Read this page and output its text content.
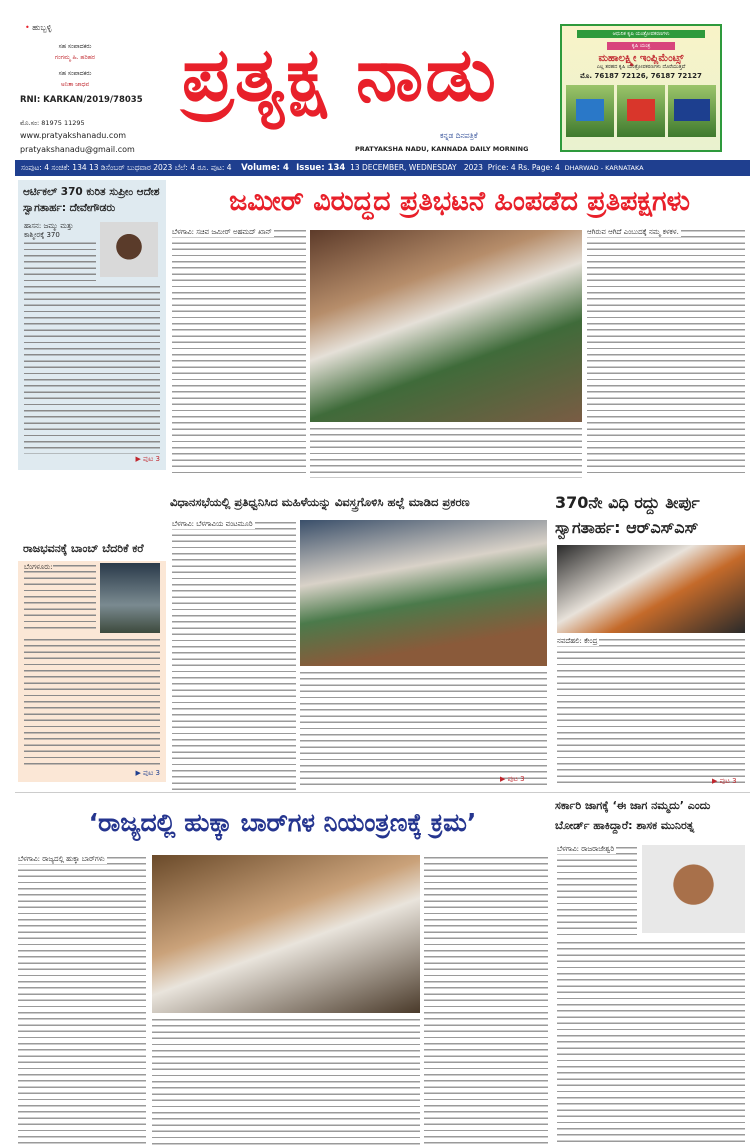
• ಹುಬ್ಬಳ್ಳಿ
ಸಹ ಸಂಪಾದಕರು
ಗಂಗಮ್ಮ ಹಿ. ಹರಿಹರ
ಸಹ ಸಂಪಾದಕರು
ಅನಿತಾ ಜಾಧವ
RNI: KARKAN/2019/78035
ಮೊ.ಸಂ: 81975 11295
www.pratyakshanadu.com
pratyakshanadu@gmail.com
ಪ್ರತ್ಯಕ್ಷ ನಾಡು
ಕನ್ನಡ ದಿನಪತ್ರಿಕೆ
PRATYAKSHA NADU, KANNADA DAILY MORNING
ಆಧುನಿಕ ಕೃಷಿ ಯಂತ್ರೋಪಕರಣಗಳು
ಕೃಷಿ ಯಂತ್ರ
ಮಹಾಲಕ್ಷ್ಮೀ ಇಂಪ್ಲಿಮೆಂಟ್ಸ್
ಎಲ್ಲ ತರಹದ ಕೃಷಿ ಯಂತ್ರೋಪಕರಣಗಳು ದೊರೆಯುತ್ತವೆ
ಮೊ. 76187 72126, 76187 72127
ಸಂಪುಟ: 4 ಸಂಚಿಕೆ: 134 13 ಡಿಸೆಂಬರ್ ಬುಧವಾರ 2023 ಬೆಲೆ: 4 ರೂ. ಪುಟ: 4 Volume: 4 Issue: 134 13 DECEMBER, WEDNESDAY 2023 Price: 4 Rs. Page: 4 DHARWAD - KARNATAKA
ಆರ್ಟಿಕಲ್ 370 ಕುರಿತ ಸುಪ್ರೀಂ ಆದೇಶ ಸ್ವಾಗತಾರ್ಹ: ದೇವೇಗೌಡರು
ಹಾಸನ: ಜಮ್ಮು ಮತ್ತು ಕಾಶ್ಮೀರಕ್ಕೆ 370
▶ ಪುಟ 3
ರಾಜಭವನಕ್ಕೆ ಬಾಂಬ್ ಬೆದರಿಕೆ ಕರೆ
ಬೆಂಗಳೂರು:
▶ ಪುಟ 3
ಜಮೀರ್ ವಿರುದ್ಧದ ಪ್ರತಿಭಟನೆ ಹಿಂಪಡೆದ ಪ್ರತಿಪಕ್ಷಗಳು
ಬೆಳಗಾವಿ: ಸಚಿವ ಜಮೀರ್ ಅಹಮದ್ ಖಾನ್	ಆಗಿರುವ ಆಗಿದೆ ಎಂಬುದಕ್ಕೆ ನಮ್ಮ ಕಳಕಳ.
ವಿಧಾನಸಭೆಯಲ್ಲಿ ಪ್ರತಿಧ್ವನಿಸಿದ ಮಹಿಳೆಯನ್ನು ವಿವಸ್ತ್ರಗೊಳಿಸಿ ಹಲ್ಲೆ ಮಾಡಿದ ಪ್ರಕರಣ
ಬೆಳಗಾವಿ: ಬೆಳಗಾವಿಯ ವಂಟಮೂರಿ
▶ ಪುಟ 3
370ನೇ ವಿಧಿ ರದ್ದು ತೀರ್ಪು ಸ್ವಾಗತಾರ್ಹ: ಆರ್‌ಎಸ್‌ಎಸ್
ನವದೆಹಲಿ: ಕೇಂದ್ರ
▶ ಪುಟ 3
‘ರಾಜ್ಯದಲ್ಲಿ ಹುಕ್ಕಾ ಬಾರ್‌ಗಳ ನಿಯಂತ್ರಣಕ್ಕೆ ಕ್ರಮ’
ಬೆಳಗಾವಿ: ರಾಜ್ಯದಲ್ಲಿ ಹುಕ್ಕಾ ಬಾರ್‌ಗಳು
ಸರ್ಕಾರಿ ಜಾಗಕ್ಕೆ ‘ಈ ಜಾಗ ನಮ್ಮದು’ ಎಂದು ಬೋರ್ಡ್ ಹಾಕಿದ್ದಾರೆ: ಶಾಸಕ ಮುನಿರತ್ನ
ಬೆಳಗಾವಿ: ರಾಜರಾಜೇಶ್ವರಿ
